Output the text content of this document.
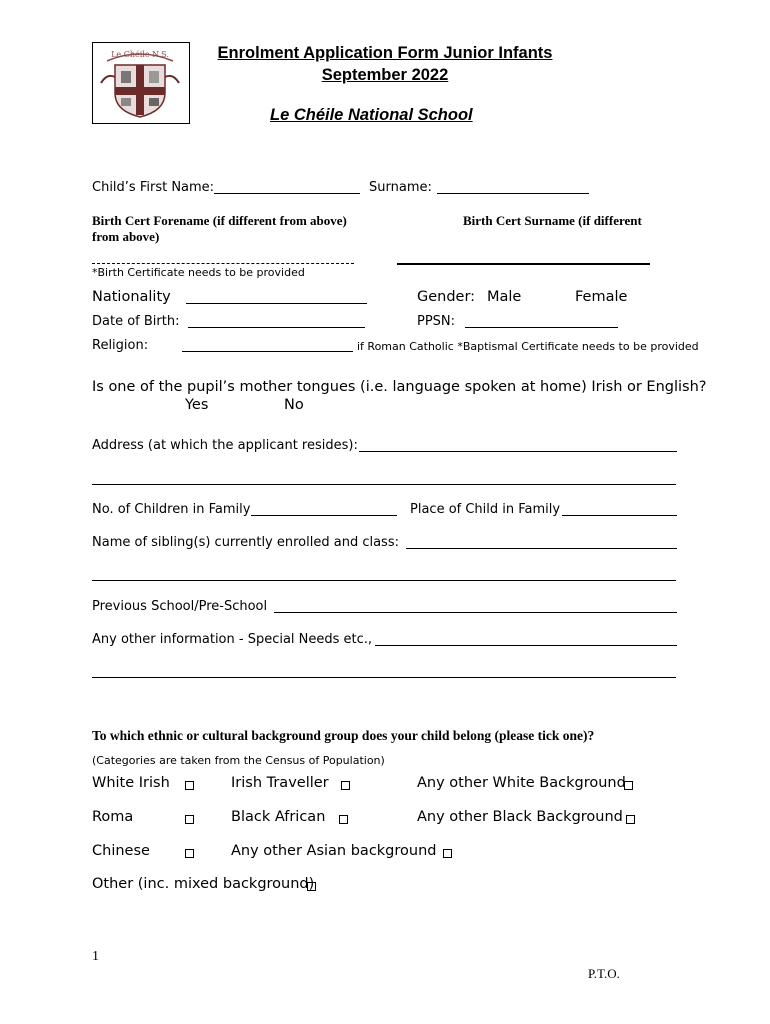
Le Chéile N.S.	Enrolment Application Form Junior Infants
September 2022
Le Chéile National School
Child’s First Name:	Surname:
Birth Cert Forename (if different from above)
from above)
Birth Cert Surname (if different
*Birth Certificate needs to be provided
Nationality	Gender: Male	Female
Date of Birth:	PPSN:
Religion:	if Roman Catholic *Baptismal Certificate needs to be provided
Is one of the pupil’s mother tongues (i.e. language spoken at home) Irish or English?
Yes	No
Address (at which the applicant resides):
No. of Children in Family	Place of Child in Family
Name of sibling(s) currently enrolled and class:
Previous School/Pre-School
Any other information - Special Needs etc.,
To which ethnic or cultural background group does your child belong (please tick one)?
(Categories are taken from the Census of Population)
White Irish	Irish Traveller	Any other White Background
Roma	Black African	Any other Black Background
Chinese	Any other Asian background
Other (inc. mixed background)
1
P.T.O.
